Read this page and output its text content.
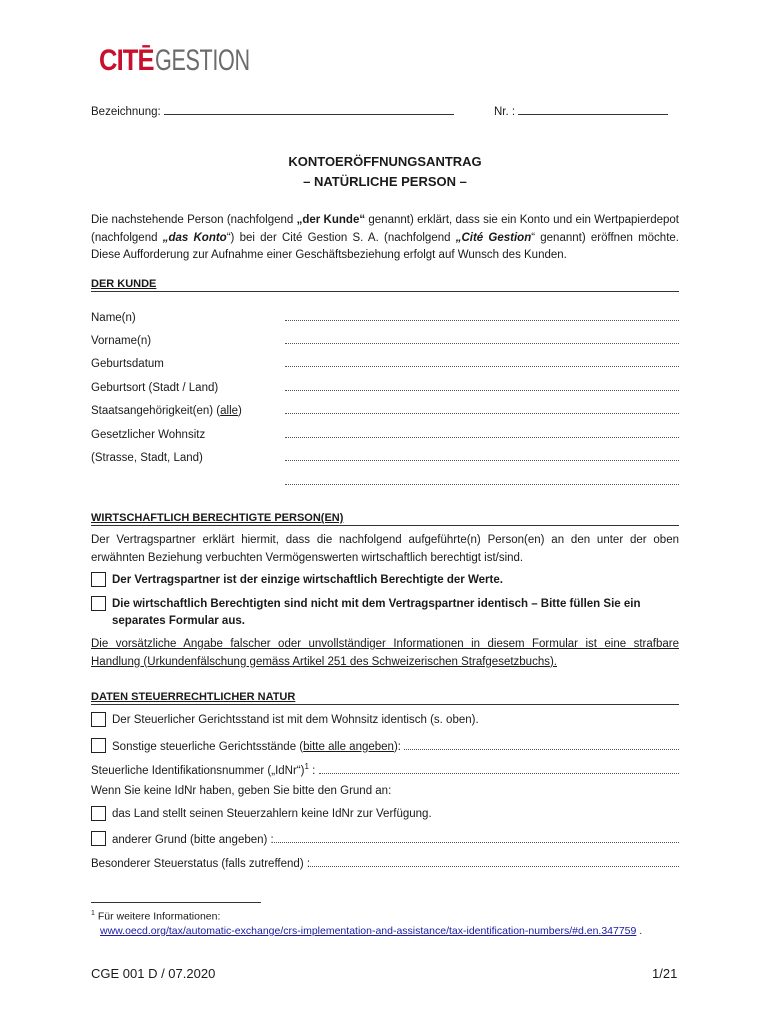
CITĒ GESTION
Bezeichnung:	Nr. :
KONTOERÖFFNUNGSANTRAG
– NATÜRLICHE PERSON –
Die nachstehende Person (nachfolgend „der Kunde“ genannt) erklärt, dass sie ein Konto und ein Wertpapierdepot (nachfolgend „das Konto“) bei der Cité Gestion S. A. (nachfolgend „Cité Gestion“ genannt) eröffnen möchte. Diese Aufforderung zur Aufnahme einer Geschäftsbeziehung erfolgt auf Wunsch des Kunden.
DER KUNDE
Name(n)
Vorname(n)
Geburtsdatum
Geburtsort (Stadt / Land)
Staatsangehörigkeit(en) (alle)
Gesetzlicher Wohnsitz
(Strasse, Stadt, Land)
WIRTSCHAFTLICH BERECHTIGTE PERSON(EN)
Der Vertragspartner erklärt hiermit, dass die nachfolgend aufgeführte(n) Person(en) an den unter der oben erwähnten Beziehung verbuchten Vermögenswerten wirtschaftlich berechtigt ist/sind.
Der Vertragspartner ist der einzige wirtschaftlich Berechtigte der Werte.
Die wirtschaftlich Berechtigten sind nicht mit dem Vertragspartner identisch – Bitte füllen Sie ein separates Formular aus.
Die vorsätzliche Angabe falscher oder unvollständiger Informationen in diesem Formular ist eine strafbare Handlung (Urkundenfälschung gemäss Artikel 251 des Schweizerischen Strafgesetzbuchs).
DATEN STEUERRECHTLICHER NATUR
Der Steuerlicher Gerichtsstand ist mit dem Wohnsitz identisch (s. oben).
Sonstige steuerliche Gerichtsstände (bitte alle angeben):
Steuerliche Identifikationsnummer („IdNr“)$^1$ :
Wenn Sie keine IdNr haben, geben Sie bitte den Grund an:
das Land stellt seinen Steuerzahlern keine IdNr zur Verfügung.
anderer Grund (bitte angeben) :
Besonderer Steuerstatus (falls zutreffend) :
$^1$ Für weitere Informationen:
www.oecd.org/tax/automatic-exchange/crs-implementation-and-assistance/tax-identification-numbers/#d.en.347759 .
CGE 001 D / 07.2020	1/21
